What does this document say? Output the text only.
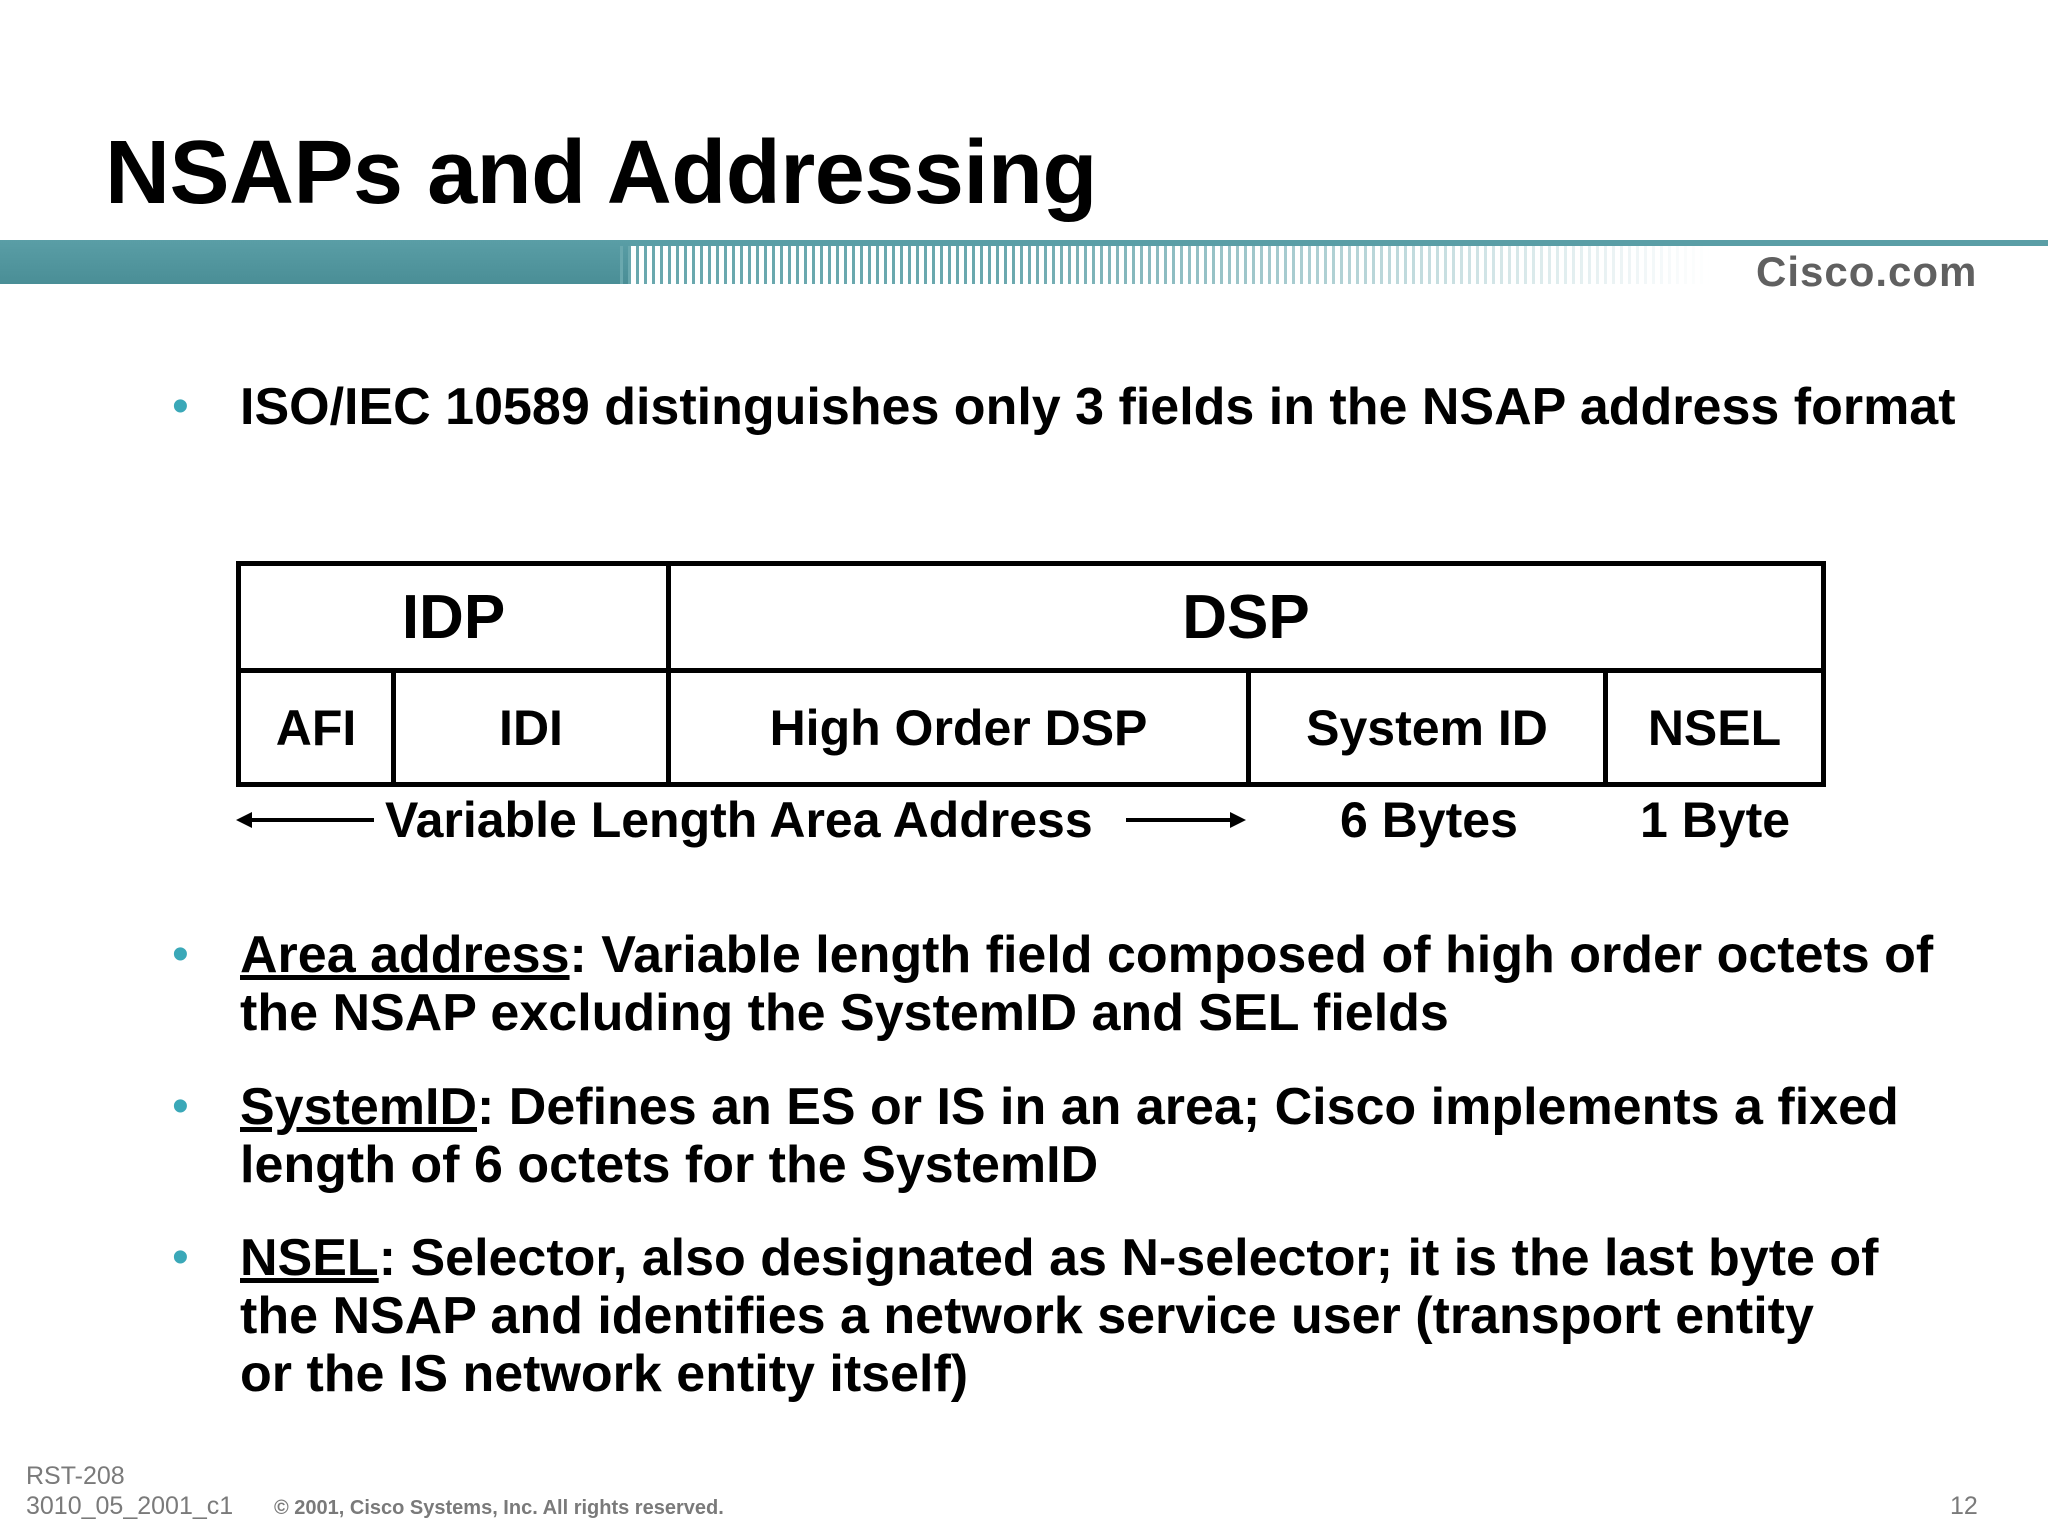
NSAPs and Addressing
Cisco.com
• ISO/IEC 10589 distinguishes only 3 fields in the NSAP address format
IDP	DSP
AFI	IDI	High Order DSP	System ID	NSEL
Variable Length Area Address	6 Bytes 1 Byte
• Area address: Variable length field composed of high order octets of the NSAP excluding the SystemID and SEL fields
• SystemID: Defines an ES or IS in an area; Cisco implements a fixed length of 6 octets for the SystemID
• NSEL: Selector, also designated as N-selector; it is the last byte of the NSAP and identifies a network service user (transport entity or the IS network entity itself)
RST-208
3010_05_2001_c1 © 2001, Cisco Systems, Inc. All rights reserved.	12
